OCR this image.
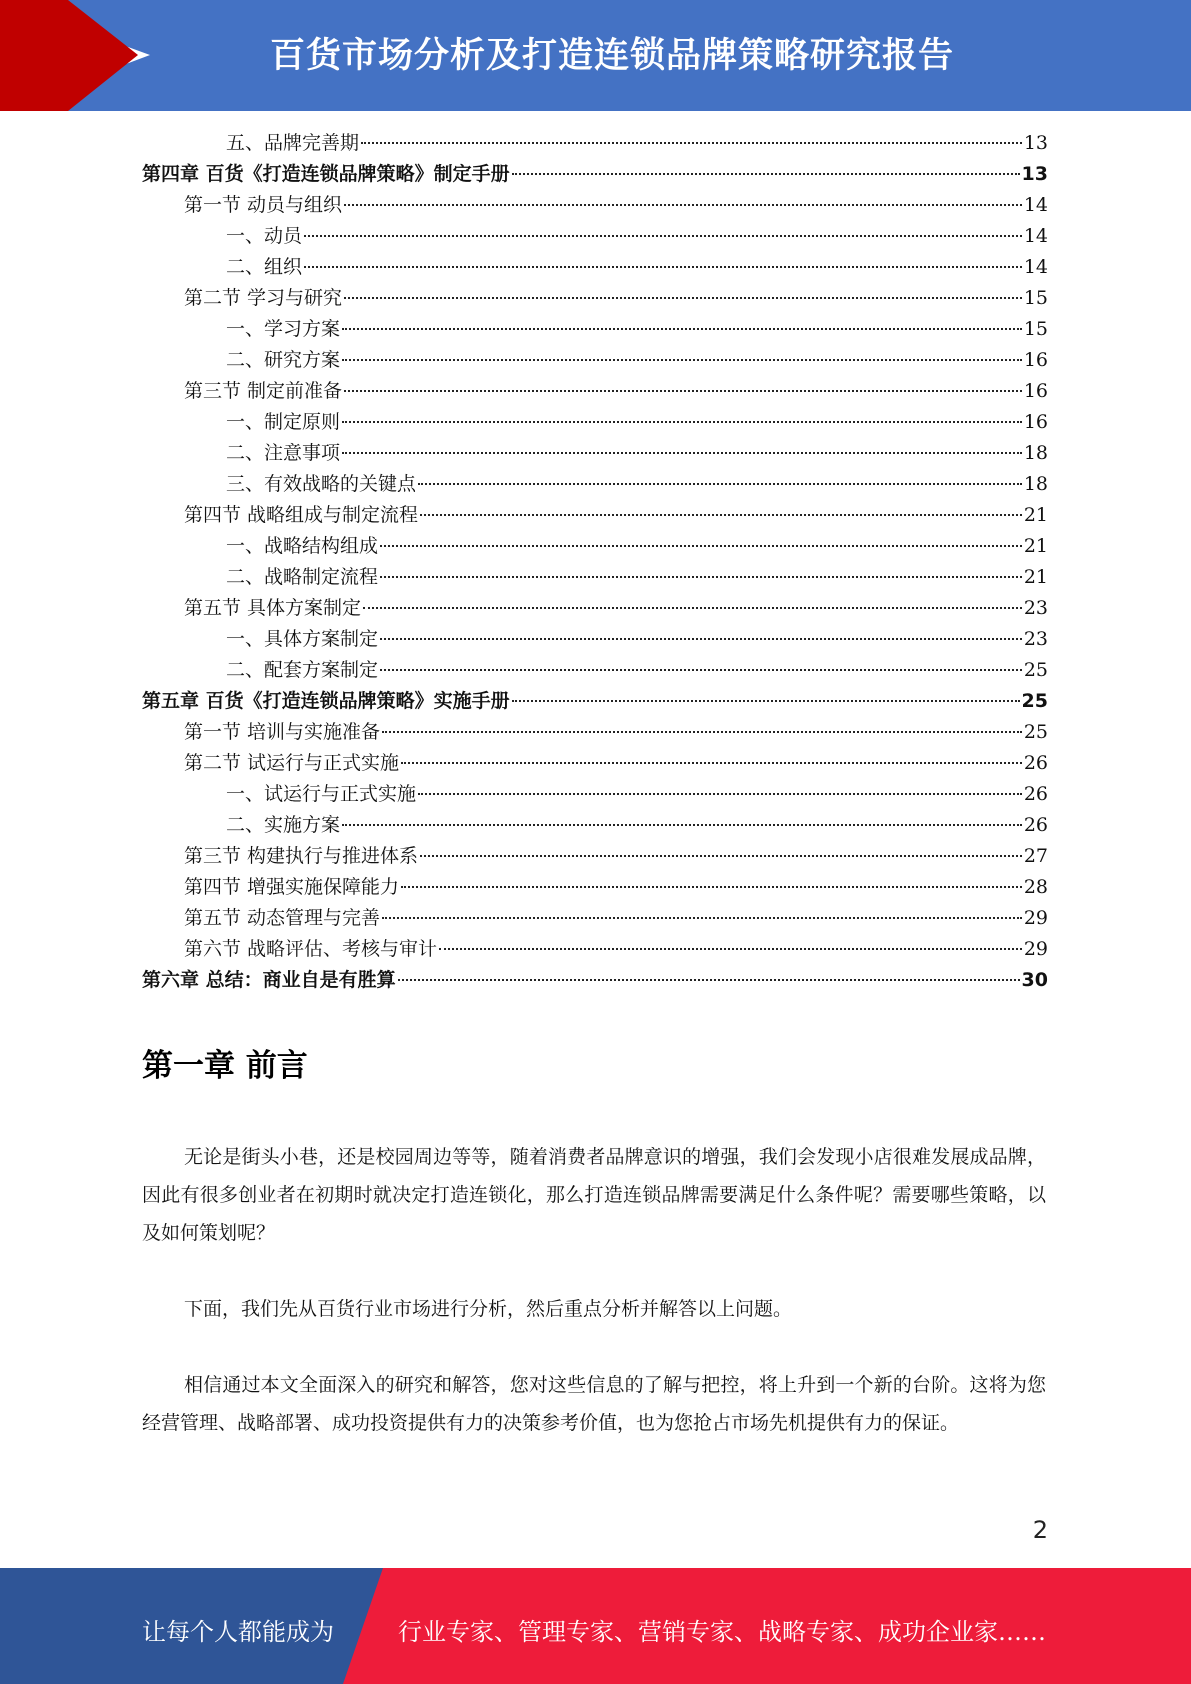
百货市场分析及打造连锁品牌策略研究报告
五、品牌完善期	13
第四章 百货《打造连锁品牌策略》制定手册	13
第一节 动员与组织	14
一、动员	14
二、组织	14
第二节 学习与研究	15
一、学习方案	15
二、研究方案	16
第三节 制定前准备	16
一、制定原则	16
二、注意事项	18
三、有效战略的关键点	18
第四节 战略组成与制定流程	21
一、战略结构组成	21
二、战略制定流程	21
第五节 具体方案制定	23
一、具体方案制定	23
二、配套方案制定	25
第五章 百货《打造连锁品牌策略》实施手册	25
第一节 培训与实施准备	25
第二节 试运行与正式实施	26
一、试运行与正式实施	26
二、实施方案	26
第三节 构建执行与推进体系	27
第四节 增强实施保障能力	28
第五节 动态管理与完善	29
第六节 战略评估、考核与审计	29
第六章 总结：商业自是有胜算	30
第一章 前言

无论是街头小巷，还是校园周边等等，随着消费者品牌意识的增强，我们会发现小店很难发展成品牌，因此有很多创业者在初期时就决定打造连锁化，那么打造连锁品牌需要满足什么条件呢？需要哪些策略，以及如何策划呢？

下面，我们先从百货行业市场进行分析，然后重点分析并解答以上问题。

相信通过本文全面深入的研究和解答，您对这些信息的了解与把控，将上升到一个新的台阶。这将为您经营管理、战略部署、成功投资提供有力的决策参考价值，也为您抢占市场先机提供有力的保证。

2
让每个人都能成为	行业专家、管理专家、营销专家、战略专家、成功企业家……
